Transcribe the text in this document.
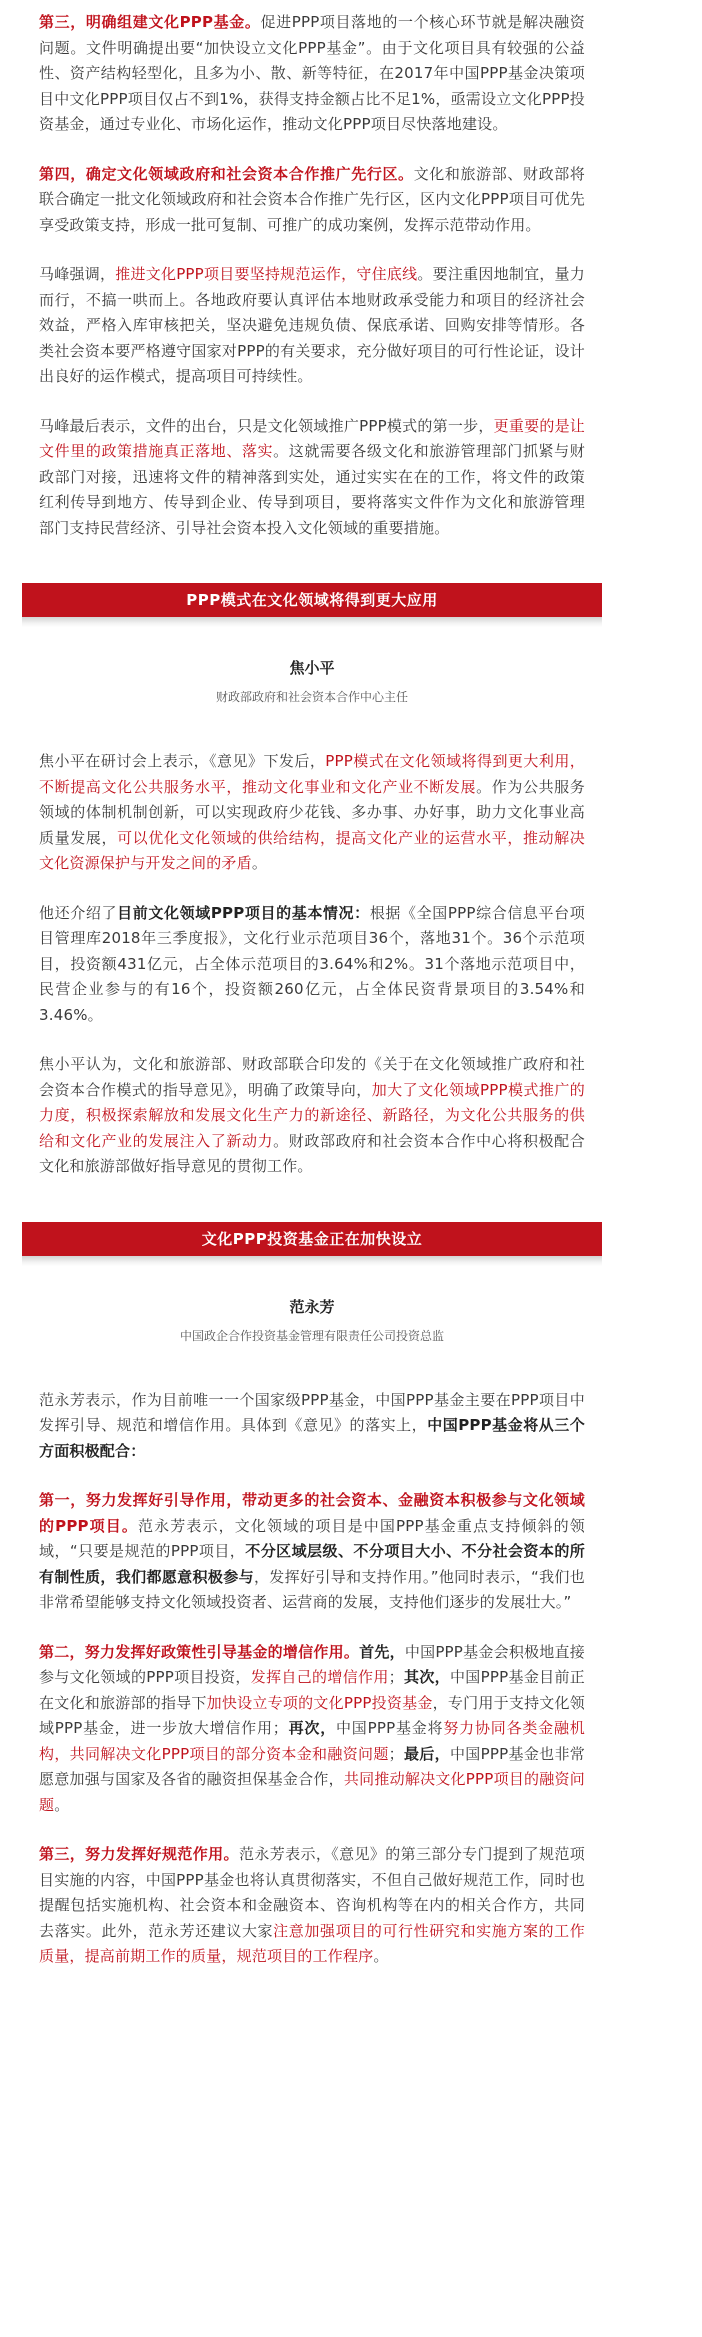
第三，明确组建文化PPP基金。促进PPP项目落地的一个核心环节就是解决融资问题。文件明确提出要“加快设立文化PPP基金”。由于文化项目具有较强的公益性、资产结构轻型化，且多为小、散、新等特征，在2017年中国PPP基金决策项目中文化PPP项目仅占不到1%，获得支持金额占比不足1%，亟需设立文化PPP投资基金，通过专业化、市场化运作，推动文化PPP项目尽快落地建设。

第四，确定文化领域政府和社会资本合作推广先行区。文化和旅游部、财政部将联合确定一批文化领域政府和社会资本合作推广先行区，区内文化PPP项目可优先享受政策支持，形成一批可复制、可推广的成功案例，发挥示范带动作用。

马峰强调，推进文化PPP项目要坚持规范运作，守住底线。要注重因地制宜，量力而行，不搞一哄而上。各地政府要认真评估本地财政承受能力和项目的经济社会效益，严格入库审核把关，坚决避免违规负债、保底承诺、回购安排等情形。各类社会资本要严格遵守国家对PPP的有关要求，充分做好项目的可行性论证，设计出良好的运作模式，提高项目可持续性。

马峰最后表示，文件的出台，只是文化领域推广PPP模式的第一步，更重要的是让文件里的政策措施真正落地、落实。这就需要各级文化和旅游管理部门抓紧与财政部门对接，迅速将文件的精神落到实处，通过实实在在的工作，将文件的政策红利传导到地方、传导到企业、传导到项目，要将落实文件作为文化和旅游管理部门支持民营经济、引导社会资本投入文化领域的重要措施。

PPP模式在文化领域将得到更大应用
焦小平
财政部政府和社会资本合作中心主任

焦小平在研讨会上表示，《意见》下发后，PPP模式在文化领域将得到更大利用，不断提高文化公共服务水平，推动文化事业和文化产业不断发展。作为公共服务领域的体制机制创新，可以实现政府少花钱、多办事、办好事，助力文化事业高质量发展，可以优化文化领域的供给结构，提高文化产业的运营水平，推动解决文化资源保护与开发之间的矛盾。

他还介绍了目前文化领域PPP项目的基本情况：根据《全国PPP综合信息平台项目管理库2018年三季度报》，文化行业示范项目36个，落地31个。36个示范项目，投资额431亿元，占全体示范项目的3.64%和2%。31个落地示范项目中，民营企业参与的有16个，投资额260亿元，占全体民资背景项目的3.54%和3.46%。

焦小平认为，文化和旅游部、财政部联合印发的《关于在文化领域推广政府和社会资本合作模式的指导意见》，明确了政策导向，加大了文化领域PPP模式推广的力度，积极探索解放和发展文化生产力的新途径、新路径，为文化公共服务的供给和文化产业的发展注入了新动力。财政部政府和社会资本合作中心将积极配合文化和旅游部做好指导意见的贯彻工作。

文化PPP投资基金正在加快设立
范永芳
中国政企合作投资基金管理有限责任公司投资总监

范永芳表示，作为目前唯一一个国家级PPP基金，中国PPP基金主要在PPP项目中发挥引导、规范和增信作用。具体到《意见》的落实上，中国PPP基金将从三个方面积极配合：

第一，努力发挥好引导作用，带动更多的社会资本、金融资本积极参与文化领域的PPP项目。范永芳表示，文化领域的项目是中国PPP基金重点支持倾斜的领域，“只要是规范的PPP项目，不分区域层级、不分项目大小、不分社会资本的所有制性质，我们都愿意积极参与，发挥好引导和支持作用。”他同时表示，“我们也非常希望能够支持文化领域投资者、运营商的发展，支持他们逐步的发展壮大。”

第二，努力发挥好政策性引导基金的增信作用。首先，中国PPP基金会积极地直接参与文化领域的PPP项目投资，发挥自己的增信作用；其次，中国PPP基金目前正在文化和旅游部的指导下加快设立专项的文化PPP投资基金，专门用于支持文化领域PPP基金，进一步放大增信作用；再次，中国PPP基金将努力协同各类金融机构，共同解决文化PPP项目的部分资本金和融资问题；最后，中国PPP基金也非常愿意加强与国家及各省的融资担保基金合作，共同推动解决文化PPP项目的融资问题。

第三，努力发挥好规范作用。范永芳表示，《意见》的第三部分专门提到了规范项目实施的内容，中国PPP基金也将认真贯彻落实，不但自己做好规范工作，同时也提醒包括实施机构、社会资本和金融资本、咨询机构等在内的相关合作方，共同去落实。此外，范永芳还建议大家注意加强项目的可行性研究和实施方案的工作质量，提高前期工作的质量，规范项目的工作程序。
